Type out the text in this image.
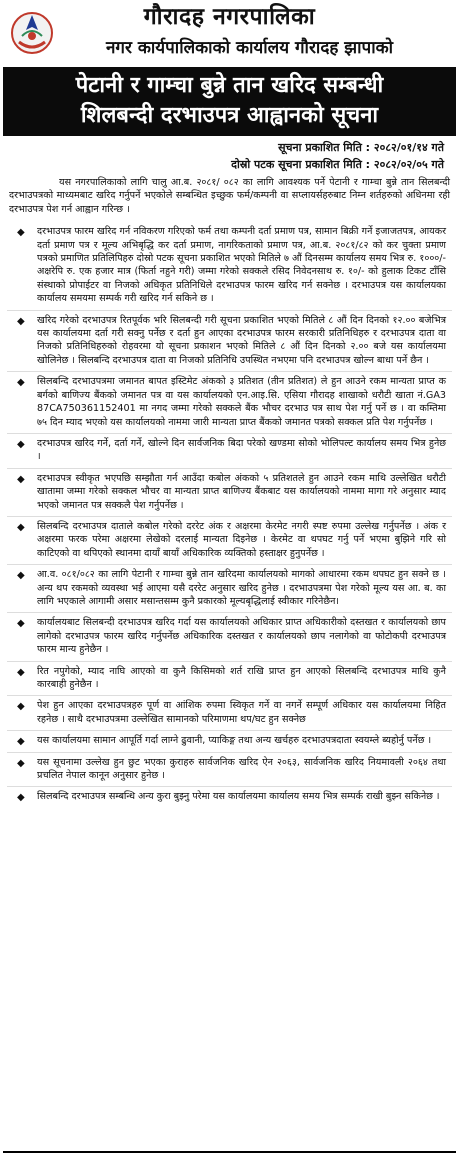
गौरादह नगरपालिका
नगर कार्यपालिकाको कार्यालय गौरादह झापाको
पेटानी र गाम्चा बुन्ने तान खरिद सम्बन्धी
शिलबन्दी दरभाउपत्र आह्वानको सूचना
सूचना प्रकाशित मिति : २०८२/०१/१४ गते
दोस्रो पटक सूचना प्रकाशित मिति : २०८२/०२/०५ गते
यस नगरपालिकाको लागि चालु आ.ब. २०८१/ ०८२ का लागि आवश्यक पर्ने पेटानी र गाम्चा बुन्ने तान सिलबन्दी दरभाउपत्रको माध्यमबाट खरिद गर्नुपर्ने भएकोले सम्बन्धित इच्छुक फर्म/कम्पनी वा सप्लायर्सहरुबाट निम्न शर्तहरुको अधिनमा रही दरभाउपत्र पेश गर्न आह्वान गरिन्छ ।
◆ दरभाउपत्र फारम खरिद गर्न नविकरण गरिएको फर्म तथा कम्पनी दर्ता प्रमाण पत्र, सामान बिक्री गर्ने इजाजतपत्र, आयकर दर्ता प्रमाण पत्र र मूल्य अभिबृद्धि कर दर्ता प्रमाण, नागरिकताको प्रमाण पत्र, आ.ब. २०८१/८२ को कर चुक्ता प्रमाण पत्रको प्रमाणित प्रतिलिपिहरु दोस्रो पटक सूचना प्रकाशित भएको मितिले ७ औं दिनसम्म कार्यालय समय भित्र रु. १०००/- अक्षरेपि रु. एक हजार मात्र (फिर्ता नहुने गरी) जम्मा गरेको सक्कले रसिद निवेदनसाथ रु. १०/- को हुलाक टिकट टाँसि संस्थाको प्रोपाईटर वा निजको अधिकृत प्रतिनिधिले दरभाउपत्र फारम खरिद गर्न सक्नेछ । दरभाउपत्र यस कार्यालयका कार्यालय समयमा सम्पर्क गरी खरिद गर्न सकिने छ ।
◆ खरिद गरेको दरभाउपत्र रितपूर्वक भरि सिलबन्दी गरी सूचना प्रकाशित भएको मितिले ८ औं दिन दिनको १२.०० बजेभित्र यस कार्यालयमा दर्ता गरी सक्नु पर्नेछ र दर्ता हुन आएका दरभाउपत्र फारम सरकारी प्रतिनिधिहरु र दरभाउपत्र दाता वा निजको प्रतिनिधिहरुको रोहवरमा यो सूचना प्रकाशन भएको मितिले ८ औं दिन दिनको २.०० बजे यस कार्यालयमा खोलिनेछ । सिलबन्दि दरभाउपत्र दाता वा निजको प्रतिनिधि उपस्थित नभएमा पनि दरभाउपत्र खोल्न बाधा पर्ने छैन ।
◆ सिलबन्दि दरभाउपत्रमा जमानत बापत इस्टिमेट अंकको ३ प्रतिशत (तीन प्रतिशत) ले हुन आउने रकम मान्यता प्राप्त क बर्गको बाणिज्य बैंकको जमानत पत्र वा यस कार्यालयको एन.आइ.सि. एसिया गौरादह शाखाको धरौटी खाता नं.GA3 87CA750361152401 मा नगद जम्मा गरेको सक्कले बैंक भौचर दरभाउ पत्र साथ पेश गर्नु पर्ने छ । वा कम्तिमा ७५ दिन म्याद भएको यस कार्यालयको नाममा जारी मान्यता प्राप्त बैंकको जमानत पत्रको सक्कल प्रति पेश गर्नुपर्नेछ ।
◆ दरभाउपत्र खरिद गर्ने, दर्ता गर्ने, खोल्ने दिन सार्वजनिक बिदा परेको खण्डमा सोको भोलिपल्ट कार्यालय समय भित्र हुनेछ ।
◆ दरभाउपत्र स्वीकृत भएपछि सम्झौता गर्न आउँदा कबोल अंकको ५ प्रतिशतले हुन आउने रकम माथि उल्लेखित धरौटी खातामा जम्मा गरेको सक्कल भौचर वा मान्यता प्राप्त बाणिज्य बैंकबाट यस कार्यालयको नाममा मागा गरे अनुसार म्याद भएको जमानत पत्र सक्कलै पेश गर्नुपर्नेछ ।
◆ सिलबन्दि दरभाउपत्र दाताले कबोल गरेको दररेट अंक र अक्षरमा केरमेट नगरी स्पष्ट रुपमा उल्लेख गर्नुपर्नेछ । अंक र अक्षरमा फरक परेमा अक्षरमा लेखेको दरलाई मान्यता दिइनेछ । केरमेट वा थपघट गर्नु पर्ने भएमा बुझिने गरि सो काटिएको वा थपिएको स्थानमा दायाँ बायाँ अधिकारिक व्यक्तिको हस्ताक्षर हुनुपर्नेछ ।
◆ आ.व. ०८१/०८२ का लागि पेटानी र गाम्चा बुन्ने तान खरिदमा कार्यालयको मागको आधारमा रकम थपघट हुन सक्ने छ । अन्य थप रकमको व्यवस्था भई आएमा यसै दररेट अनुसार खरिद हुनेछ । दरभाउपत्रमा पेश गरेको मूल्य यस आ. ब. का लागि भएकाले आगामी असार मसान्तसम्म कुनै प्रकारको मूल्यबृद्धिलाई स्वीकार गरिनेछैन।
◆ कार्यालयबाट सिलबन्दी दरभाउपत्र खरिद गर्दा यस कार्यालयको अधिकार प्राप्त अधिकारीको दस्तखत र कार्यालयको छाप लागेको दरभाउपत्र फारम खरिद गर्नुपर्नेछ अधिकारिक दस्तखत र कार्यालयको छाप नलागेको वा फोटोकपी दरभाउपत्र फारम मान्य हुनेछैन ।
◆ रित नपुगेको, म्याद नाघि आएको वा कुनै किसिमको शर्त राखि प्राप्त हुन आएको सिलबन्दि दरभाउपत्र माथि कुनै कारबाही हुनेछैन ।
◆ पेश हुन आएका दरभाउपत्रहरु पूर्ण वा आंशिक रुपमा स्विकृत गर्ने वा नगर्ने सम्पूर्ण अधिकार यस कार्यालयमा निहित रहनेछ । साथै दरभाउपत्रमा उल्लेखित सामानको परिमाणमा थप/घट हुन सक्नेछ
◆ यस कार्यालयमा सामान आपूर्ति गर्दा लाग्ने ढुवानी, प्याकिङ्ग तथा अन्य खर्चहरु दरभाउपत्रदाता स्वयम्ले ब्यहोर्नु पर्नेछ ।
◆ यस सूचनामा उल्लेख हुन छुट भएका कुराहरु सार्वजनिक खरिद ऐन २०६३, सार्वजनिक खरिद नियमावली २०६४ तथा प्रचलित नेपाल कानून अनुसार हुनेछ ।
◆ सिलबन्दि दरभाउपत्र सम्बन्धि अन्य कुरा बुझ्नु परेमा यस कार्यालयमा कार्यालय समय भित्र सम्पर्क राखी बुझ्न सकिनेछ ।
